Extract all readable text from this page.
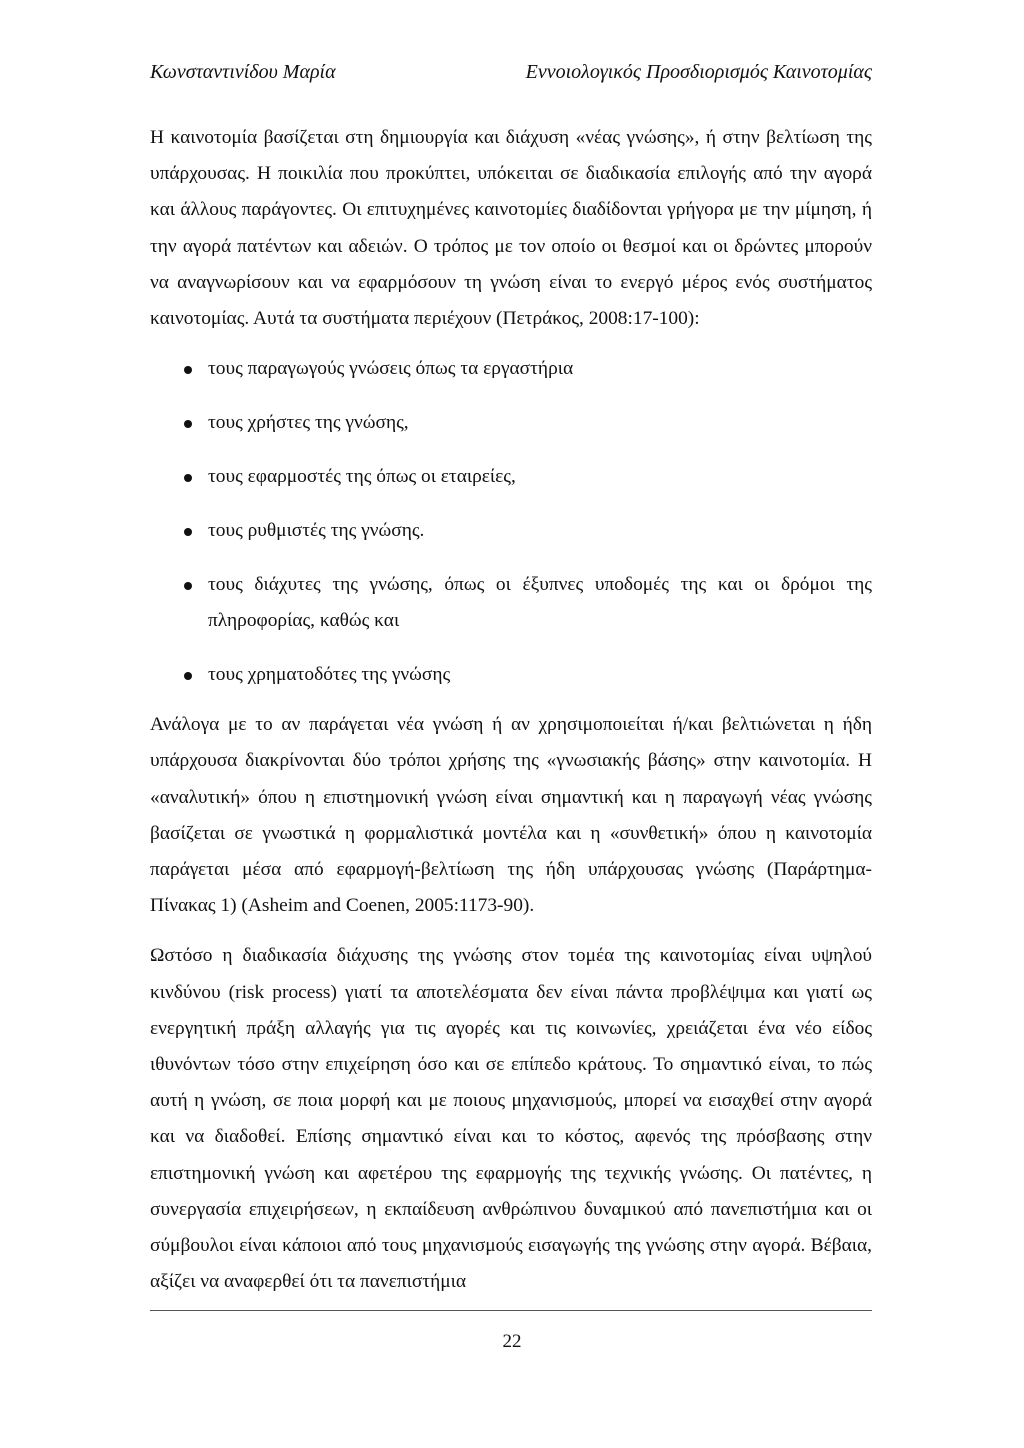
Κωνσταντινίδου Μαρία	Εννοιολογικός Προσδιορισμός Καινοτομίας

Η καινοτομία βασίζεται στη δημιουργία και διάχυση «νέας γνώσης», ή στην βελτίωση της υπάρχουσας. Η ποικιλία που προκύπτει, υπόκειται σε διαδικασία επιλογής από την αγορά και άλλους παράγοντες. Οι επιτυχημένες καινοτομίες διαδίδονται γρήγορα με την μίμηση, ή την αγορά πατέντων και αδειών. Ο τρόπος με τον οποίο οι θεσμοί και οι δρώντες μπορούν να αναγνωρίσουν και να εφαρμόσουν τη γνώση είναι το ενεργό μέρος ενός συστήματος καινοτομίας. Αυτά τα συστήματα περιέχουν (Πετράκος, 2008:17-100):

τους παραγωγούς γνώσεις όπως τα εργαστήρια
τους χρήστες της γνώσης,
τους εφαρμοστές της όπως οι εταιρείες,
τους ρυθμιστές της γνώσης.
τους διάχυτες της γνώσης, όπως οι έξυπνες υποδομές της και οι δρόμοι της πληροφορίας, καθώς και
τους χρηματοδότες της γνώσης

Ανάλογα με το αν παράγεται νέα γνώση ή αν χρησιμοποιείται ή/και βελτιώνεται η ήδη υπάρχουσα διακρίνονται δύο τρόποι χρήσης της «γνωσιακής βάσης» στην καινοτομία. Η «αναλυτική» όπου η επιστημονική γνώση είναι σημαντική και η παραγωγή νέας γνώσης βασίζεται σε γνωστικά η φορμαλιστικά μοντέλα και η «συνθετική» όπου η καινοτομία παράγεται μέσα από εφαρμογή-βελτίωση της ήδη υπάρχουσας γνώσης (Παράρτημα-Πίνακας 1) (Asheim and Coenen, 2005:1173-90).

Ωστόσο η διαδικασία διάχυσης της γνώσης στον τομέα της καινοτομίας είναι υψηλού κινδύνου (risk process) γιατί τα αποτελέσματα δεν είναι πάντα προβλέψιμα και γιατί ως ενεργητική πράξη αλλαγής για τις αγορές και τις κοινωνίες, χρειάζεται ένα νέο είδος ιθυνόντων τόσο στην επιχείρηση όσο και σε επίπεδο κράτους. Το σημαντικό είναι, το πώς αυτή η γνώση, σε ποια μορφή και με ποιους μηχανισμούς, μπορεί να εισαχθεί στην αγορά και να διαδοθεί. Επίσης σημαντικό είναι και το κόστος, αφενός της πρόσβασης στην επιστημονική γνώση και αφετέρου της εφαρμογής της τεχνικής γνώσης. Οι πατέντες, η συνεργασία επιχειρήσεων, η εκπαίδευση ανθρώπινου δυναμικού από πανεπιστήμια και οι σύμβουλοι είναι κάποιοι από τους μηχανισμούς εισαγωγής της γνώσης στην αγορά. Βέβαια, αξίζει να αναφερθεί ότι τα πανεπιστήμια

22
